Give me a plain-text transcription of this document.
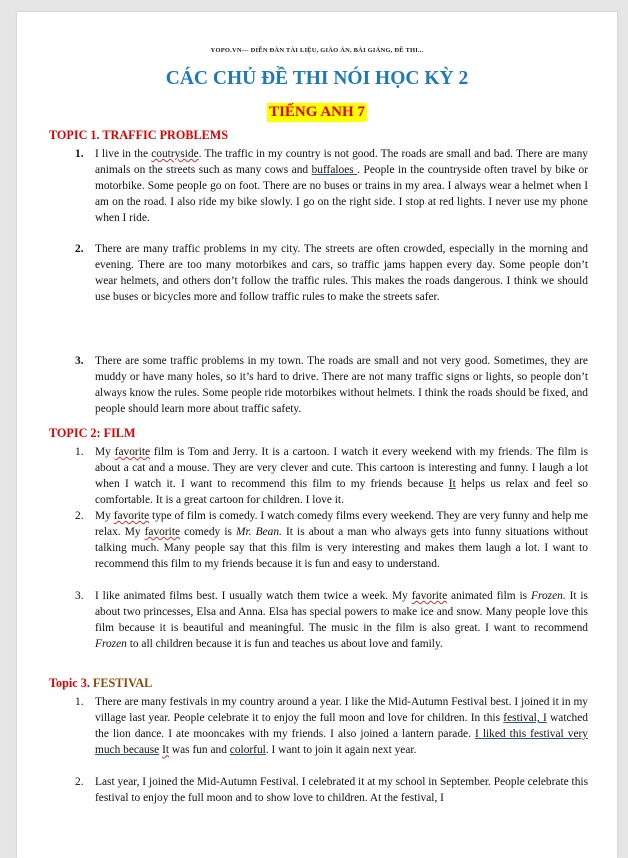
YOPO.VN--- DIỄN ĐÀN TÀI LIỆU, GIÁO ÁN, BÀI GIẢNG, ĐỀ THI...
CÁC CHỦ ĐỀ THI NÓI HỌC KỲ 2
TIẾNG ANH 7
TOPIC 1. TRAFFIC PROBLEMS
1. I live in the coutryside. The traffic in my country is not good. The roads are small and bad. There are many animals on the streets such as many cows and buffaloes . People in the countryside often travel by bike or motorbike. Some people go on foot. There are no buses or trains in my area. I always wear a helmet when I am on the road. I also ride my bike slowly. I go on the right side. I stop at red lights. I never use my phone when I ride.
2. There are many traffic problems in my city. The streets are often crowded, especially in the morning and evening. There are too many motorbikes and cars, so traffic jams happen every day. Some people don’t wear helmets, and others don’t follow the traffic rules. This makes the roads dangerous. I think we should use buses or bicycles more and follow traffic rules to make the streets safer.
3. There are some traffic problems in my town. The roads are small and not very good. Sometimes, they are muddy or have many holes, so it’s hard to drive. There are not many traffic signs or lights, so people don’t always know the rules. Some people ride motorbikes without helmets. I think the roads should be fixed, and people should learn more about traffic safety.
TOPIC 2: FILM
1. My favorite film is Tom and Jerry. It is a cartoon. I watch it every weekend with my friends. The film is about a cat and a mouse. They are very clever and cute. This cartoon is interesting and funny. I laugh a lot when I watch it. I want to recommend this film to my friends because It helps us relax and feel so comfortable. It is a great cartoon for children. I love it.
2. My favorite type of film is comedy. I watch comedy films every weekend. They are very funny and help me relax. My favorite comedy is Mr. Bean. It is about a man who always gets into funny situations without talking much. Many people say that this film is very interesting and makes them laugh a lot. I want to recommend this film to my friends because it is fun and easy to understand.
3. I like animated films best. I usually watch them twice a week. My favorite animated film is Frozen. It is about two princesses, Elsa and Anna. Elsa has special powers to make ice and snow. Many people love this film because it is beautiful and meaningful. The music in the film is also great. I want to recommend Frozen to all children because it is fun and teaches us about love and family.
Topic 3. FESTIVAL
1. There are many festivals in my country around a year. I like the Mid-Autumn Festival best. I joined it in my village last year. People celebrate it to enjoy the full moon and love for children. In this festival, I watched the lion dance. I ate mooncakes with my friends. I also joined a lantern parade. I liked this festival very much because It was fun and colorful. I want to join it again next year.
2. Last year, I joined the Mid-Autumn Festival. I celebrated it at my school in September. People celebrate this festival to enjoy the full moon and to show love to children. At the festival, I
